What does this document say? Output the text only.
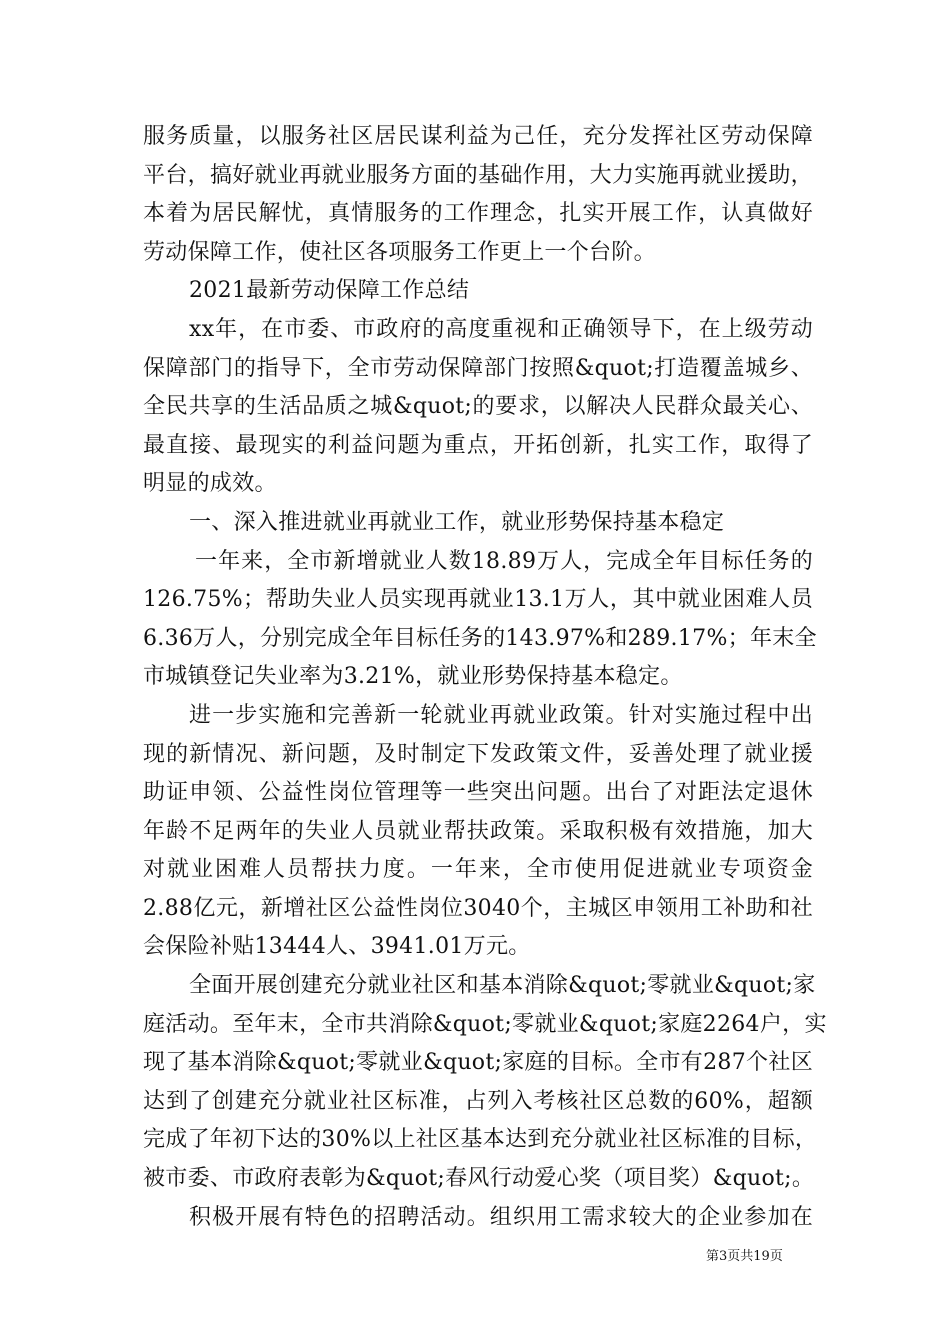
服务质量，以服务社区居民谋利益为己任，充分发挥社区劳动保障
平台，搞好就业再就业服务方面的基础作用，大力实施再就业援助，
本着为居民解忧，真情服务的工作理念，扎实开展工作，认真做好
劳动保障工作，使社区各项服务工作更上一个台阶。
2021最新劳动保障工作总结
xx年，在市委、市政府的高度重视和正确领导下，在上级劳动
保障部门的指导下，全市劳动保障部门按照&quot;打造覆盖城乡、
全民共享的生活品质之城&quot;的要求，以解决人民群众最关心、
最直接、最现实的利益问题为重点，开拓创新，扎实工作，取得了
明显的成效。
一、深入推进就业再就业工作，就业形势保持基本稳定
一年来，全市新增就业人数18.89万人，完成全年目标任务的
126.75%；帮助失业人员实现再就业13.1万人，其中就业困难人员
6.36万人，分别完成全年目标任务的143.97%和289.17%；年末全
市城镇登记失业率为3.21%，就业形势保持基本稳定。
进一步实施和完善新一轮就业再就业政策。针对实施过程中出
现的新情况、新问题，及时制定下发政策文件，妥善处理了就业援
助证申领、公益性岗位管理等一些突出问题。出台了对距法定退休
年龄不足两年的失业人员就业帮扶政策。采取积极有效措施，加大
对就业困难人员帮扶力度。一年来，全市使用促进就业专项资金
2.88亿元，新增社区公益性岗位3040个，主城区申领用工补助和社
会保险补贴13444人、3941.01万元。
全面开展创建充分就业社区和基本消除&quot;零就业&quot;家
庭活动。至年末，全市共消除&quot;零就业&quot;家庭2264户，实
现了基本消除&quot;零就业&quot;家庭的目标。全市有287个社区
达到了创建充分就业社区标准，占列入考核社区总数的60%，超额
完成了年初下达的30%以上社区基本达到充分就业社区标准的目标，
被市委、市政府表彰为&quot;春风行动爱心奖（项目奖）&quot;。
积极开展有特色的招聘活动。组织用工需求较大的企业参加在
第3页共19页
